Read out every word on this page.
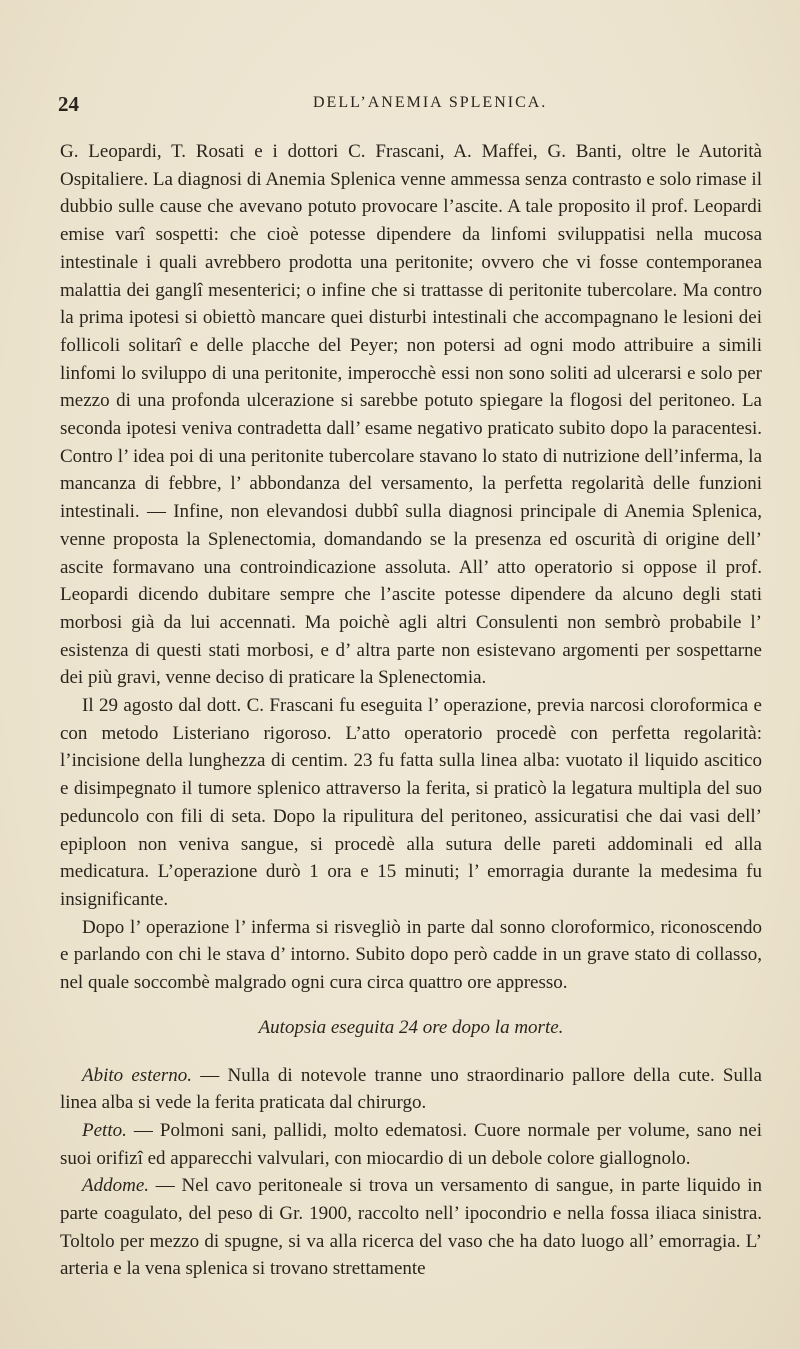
24	DELL’ANEMIA SPLENICA.

G. Leopardi, T. Rosati e i dottori C. Frascani, A. Maffei, G. Banti, oltre le Autorità Ospitaliere. La diagnosi di Anemia Splenica venne ammessa senza contrasto e solo rimase il dubbio sulle cause che avevano potuto provocare l’ascite. A tale proposito il prof. Leopardi emise varî sospetti: che cioè potesse dipendere da linfomi sviluppatisi nella mucosa intestinale i quali avrebbero prodotta una peritonite; ovvero che vi fosse contemporanea malattia dei ganglî mesenterici; o infine che si trattasse di peritonite tubercolare. Ma contro la prima ipotesi si obiettò mancare quei disturbi intestinali che accompagnano le lesioni dei follicoli solitarî e delle placche del Peyer; non potersi ad ogni modo attribuire a simili linfomi lo sviluppo di una peritonite, imperocchè essi non sono soliti ad ulcerarsi e solo per mezzo di una profonda ulcerazione si sarebbe potuto spiegare la flogosi del peritoneo. La seconda ipotesi veniva contradetta dall’ esame negativo praticato subito dopo la paracentesi. Contro l’ idea poi di una peritonite tubercolare stavano lo stato di nutrizione dell’inferma, la mancanza di febbre, l’ abbondanza del versamento, la perfetta regolarità delle funzioni intestinali. — Infine, non elevandosi dubbî sulla diagnosi principale di Anemia Splenica, venne proposta la Splenectomia, domandando se la presenza ed oscurità di origine dell’ ascite formavano una controindicazione assoluta. All’ atto operatorio si oppose il prof. Leopardi dicendo dubitare sempre che l’ascite potesse dipendere da alcuno degli stati morbosi già da lui accennati. Ma poichè agli altri Consulenti non sembrò probabile l’ esistenza di questi stati morbosi, e d’ altra parte non esistevano argomenti per sospettarne dei più gravi, venne deciso di praticare la Splenectomia.

Il 29 agosto dal dott. C. Frascani fu eseguita l’ operazione, previa narcosi cloroformica e con metodo Listeriano rigoroso. L’atto operatorio procedè con perfetta regolarità: l’incisione della lunghezza di centim. 23 fu fatta sulla linea alba: vuotato il liquido ascitico e disimpegnato il tumore splenico attraverso la ferita, si praticò la legatura multipla del suo peduncolo con fili di seta. Dopo la ripulitura del peritoneo, assicuratisi che dai vasi dell’ epiploon non veniva sangue, si procedè alla sutura delle pareti addominali ed alla medicatura. L’operazione durò 1 ora e 15 minuti; l’ emorragia durante la medesima fu insignificante.

Dopo l’ operazione l’ inferma si risvegliò in parte dal sonno cloroformico, riconoscendo e parlando con chi le stava d’ intorno. Subito dopo però cadde in un grave stato di collasso, nel quale soccombè malgrado ogni cura circa quattro ore appresso.

Autopsia eseguita 24 ore dopo la morte.

Abito esterno. — Nulla di notevole tranne uno straordinario pallore della cute. Sulla linea alba si vede la ferita praticata dal chirurgo.

Petto. — Polmoni sani, pallidi, molto edematosi. Cuore normale per volume, sano nei suoi orifizî ed apparecchi valvulari, con miocardio di un debole colore giallognolo.

Addome. — Nel cavo peritoneale si trova un versamento di sangue, in parte liquido in parte coagulato, del peso di Gr. 1900, raccolto nell’ ipocondrio e nella fossa iliaca sinistra. Toltolo per mezzo di spugne, si va alla ricerca del vaso che ha dato luogo all’ emorragia. L’ arteria e la vena splenica si trovano strettamente
